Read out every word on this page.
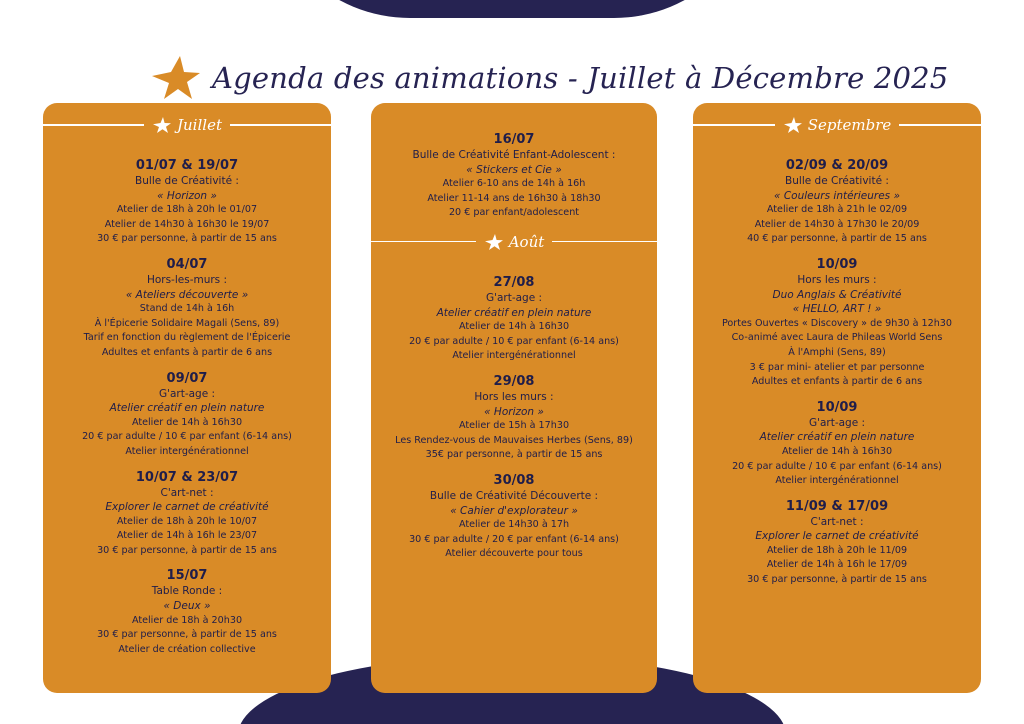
Agenda des animations - Juillet à Décembre 2025
Juillet
01/07 & 19/07
Bulle de Créativité :
« Horizon »
Atelier de 18h à 20h le 01/07
Atelier de 14h30 à 16h30 le 19/07
30 € par personne, à partir de 15 ans
04/07
Hors-les-murs :
« Ateliers découverte »
Stand de 14h à 16h
À l'Épicerie Solidaire Magali (Sens, 89)
Tarif en fonction du règlement de l'Épicerie
Adultes et enfants à partir de 6 ans
09/07
G'art-age :
Atelier créatif en plein nature
Atelier de 14h à 16h30
20 € par adulte / 10 € par enfant (6-14 ans)
Atelier intergénérationnel
10/07 & 23/07
C'art-net :
Explorer le carnet de créativité
Atelier de 18h à 20h le 10/07
Atelier de 14h à 16h le 23/07
30 € par personne, à partir de 15 ans
15/07
Table Ronde :
« Deux »
Atelier de 18h à 20h30
30 € par personne, à partir de 15 ans
Atelier de création collective
16/07
Bulle de Créativité Enfant-Adolescent :
« Stickers et Cie »
Atelier 6-10 ans de 14h à 16h
Atelier 11-14 ans de 16h30 à 18h30
20 € par enfant/adolescent
Août
27/08
G'art-age :
Atelier créatif en plein nature
Atelier de 14h à 16h30
20 € par adulte / 10 € par enfant (6-14 ans)
Atelier intergénérationnel
29/08
Hors les murs :
« Horizon »
Atelier de 15h à 17h30
Les Rendez-vous de Mauvaises Herbes (Sens, 89)
35€ par personne, à partir de 15 ans
30/08
Bulle de Créativité Découverte :
« Cahier d'explorateur »
Atelier de 14h30 à 17h
30 € par adulte / 20 € par enfant (6-14 ans)
Atelier découverte pour tous
Septembre
02/09 & 20/09
Bulle de Créativité :
« Couleurs intérieures »
Atelier de 18h à 21h le 02/09
Atelier de 14h30 à 17h30 le 20/09
40 € par personne, à partir de 15 ans
10/09
Hors les murs :
Duo Anglais & Créativité
« HELLO, ART ! »
Portes Ouvertes « Discovery » de 9h30 à 12h30
Co-animé avec Laura de Phileas World Sens
À l'Amphi (Sens, 89)
3 € par mini- atelier et par personne
Adultes et enfants à partir de 6 ans
10/09
G'art-age :
Atelier créatif en plein nature
Atelier de 14h à 16h30
20 € par adulte / 10 € par enfant (6-14 ans)
Atelier intergénérationnel
11/09 & 17/09
C'art-net :
Explorer le carnet de créativité
Atelier de 18h à 20h le 11/09
Atelier de 14h à 16h le 17/09
30 € par personne, à partir de 15 ans
